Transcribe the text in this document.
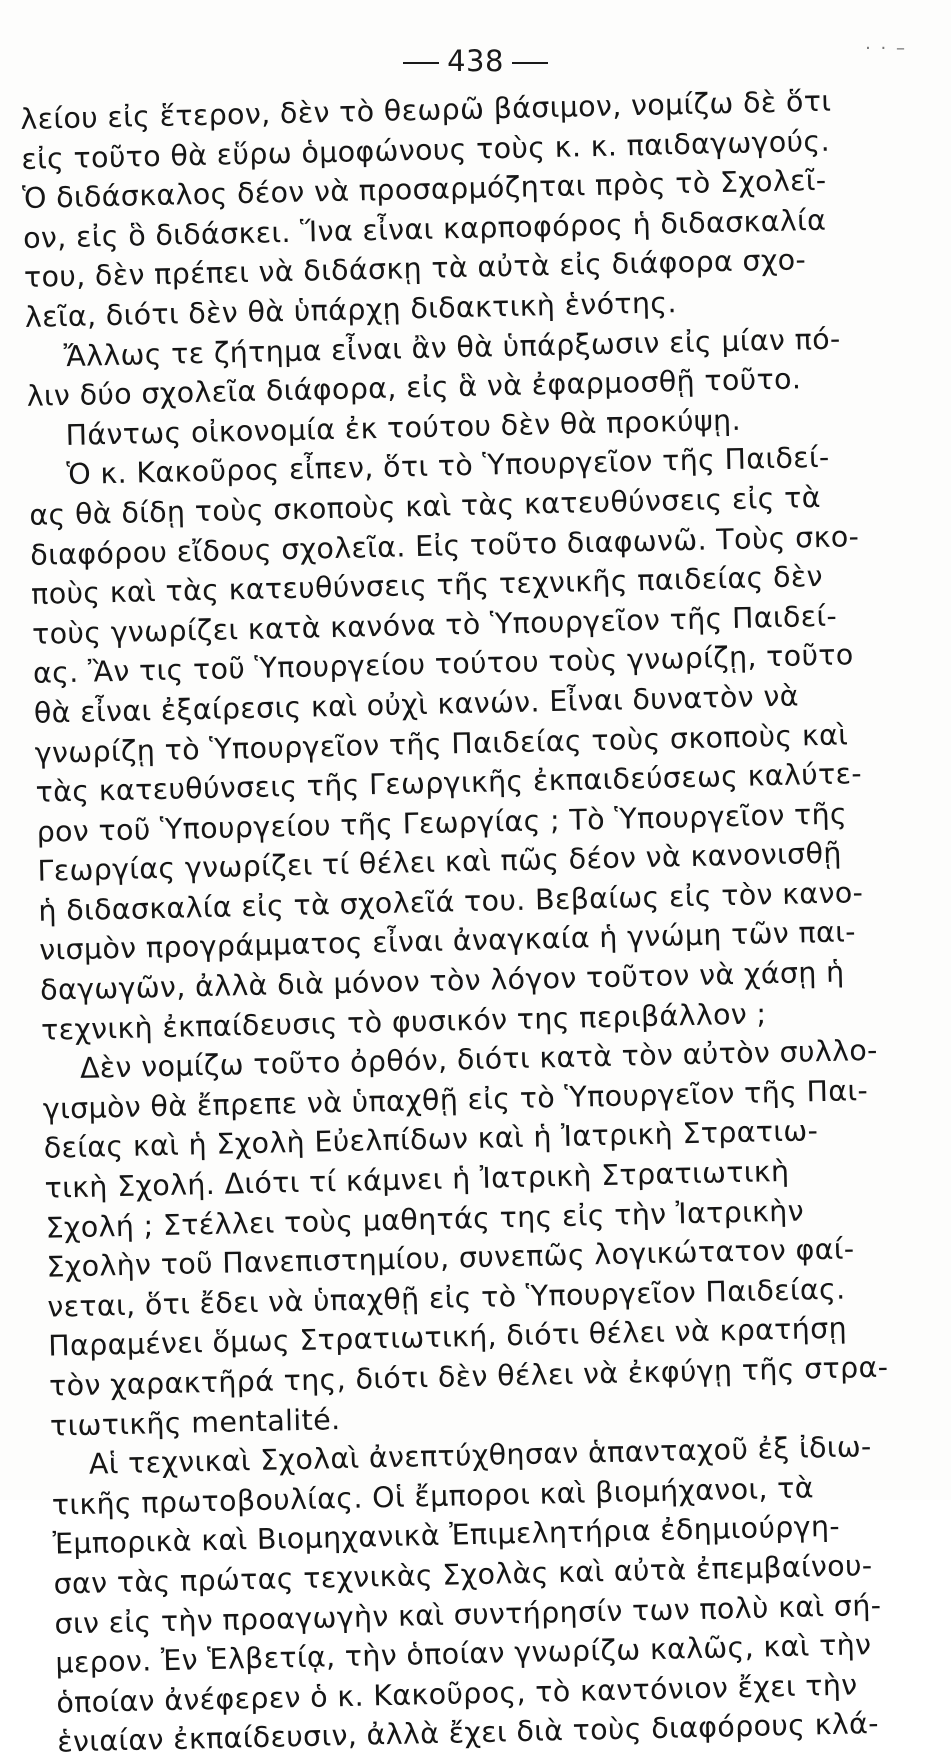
438	· · –
λείου εἰς ἕτερον, δὲν τὸ θεωρῶ βάσιμον, νομίζω δὲ ὅτι
εἰς τοῦτο θὰ εὕρω ὁμοφώνους τοὺς κ. κ. παιδαγωγούς.
Ὁ διδάσκαλος δέον νὰ προσαρμόζηται πρὸς τὸ Σχολεῖ-
ον, εἰς ὃ διδάσκει. Ἵνα εἶναι καρποφόρος ἡ διδασκαλία
του, δὲν πρέπει νὰ διδάσκῃ τὰ αὐτὰ εἰς διάφορα σχο-
λεῖα, διότι δὲν θὰ ὑπάρχῃ διδακτικὴ ἑνότης.
Ἄλλως τε ζήτημα εἶναι ἂν θὰ ὑπάρξωσιν εἰς μίαν πό-
λιν δύο σχολεῖα διάφορα, εἰς ἃ νὰ ἐφαρμοσθῇ τοῦτο.
Πάντως οἰκονομία ἐκ τούτου δὲν θὰ προκύψῃ.
Ὁ κ. Κακοῦρος εἶπεν, ὅτι τὸ Ὑπουργεῖον τῆς Παιδεί-
ας θὰ δίδῃ τοὺς σκοποὺς καὶ τὰς κατευθύνσεις εἰς τὰ
διαφόρου εἴδους σχολεῖα. Εἰς τοῦτο διαφωνῶ. Τοὺς σκο-
ποὺς καὶ τὰς κατευθύνσεις τῆς τεχνικῆς παιδείας δὲν
τοὺς γνωρίζει κατὰ κανόνα τὸ Ὑπουργεῖον τῆς Παιδεί-
ας. Ἂν τις τοῦ Ὑπουργείου τούτου τοὺς γνωρίζῃ, τοῦτο
θὰ εἶναι ἐξαίρεσις καὶ οὐχὶ κανών. Εἶναι δυνατὸν νὰ
γνωρίζῃ τὸ Ὑπουργεῖον τῆς Παιδείας τοὺς σκοποὺς καὶ
τὰς κατευθύνσεις τῆς Γεωργικῆς ἐκπαιδεύσεως καλύτε-
ρον τοῦ Ὑπουργείου τῆς Γεωργίας ; Τὸ Ὑπουργεῖον τῆς
Γεωργίας γνωρίζει τί θέλει καὶ πῶς δέον νὰ κανονισθῇ
ἡ διδασκαλία εἰς τὰ σχολεῖά του. Βεβαίως εἰς τὸν κανο-
νισμὸν προγράμματος εἶναι ἀναγκαία ἡ γνώμη τῶν παι-
δαγωγῶν, ἀλλὰ διὰ μόνον τὸν λόγον τοῦτον νὰ χάσῃ ἡ
τεχνικὴ ἐκπαίδευσις τὸ φυσικόν της περιβάλλον ;
Δὲν νομίζω τοῦτο ὀρθόν, διότι κατὰ τὸν αὐτὸν συλλο-
γισμὸν θὰ ἔπρεπε νὰ ὑπαχθῇ εἰς τὸ Ὑπουργεῖον τῆς Παι-
δείας καὶ ἡ Σχολὴ Εὐελπίδων καὶ ἡ Ἰατρικὴ Στρατιω-
τικὴ Σχολή. Διότι τί κάμνει ἡ Ἰατρικὴ Στρατιωτικὴ
Σχολή ; Στέλλει τοὺς μαθητάς της εἰς τὴν Ἰατρικὴν
Σχολὴν τοῦ Πανεπιστημίου, συνεπῶς λογικώτατον φαί-
νεται, ὅτι ἔδει νὰ ὑπαχθῇ εἰς τὸ Ὑπουργεῖον Παιδείας.
Παραμένει ὅμως Στρατιωτική, διότι θέλει νὰ κρατήσῃ
τὸν χαρακτῆρά της, διότι δὲν θέλει νὰ ἐκφύγῃ τῆς στρα-
τιωτικῆς mentalité.
Αἱ τεχνικαὶ Σχολαὶ ἀνεπτύχθησαν ἁπανταχοῦ ἐξ ἰδιω-
τικῆς πρωτοβουλίας. Οἱ ἔμποροι καὶ βιομήχανοι, τὰ
Ἐμπορικὰ καὶ Βιομηχανικὰ Ἐπιμελητήρια ἐδημιούργη-
σαν τὰς πρώτας τεχνικὰς Σχολὰς καὶ αὐτὰ ἐπεμβαίνου-
σιν εἰς τὴν προαγωγὴν καὶ συντήρησίν των πολὺ καὶ σή-
μερον. Ἐν Ἑλβετίᾳ, τὴν ὁποίαν γνωρίζω καλῶς, καὶ τὴν
ὁποίαν ἀνέφερεν ὁ κ. Κακοῦρος, τὸ καντόνιον ἔχει τὴν
ἑνιαίαν ἐκπαίδευσιν, ἀλλὰ ἔχει διὰ τοὺς διαφόρους κλά-
